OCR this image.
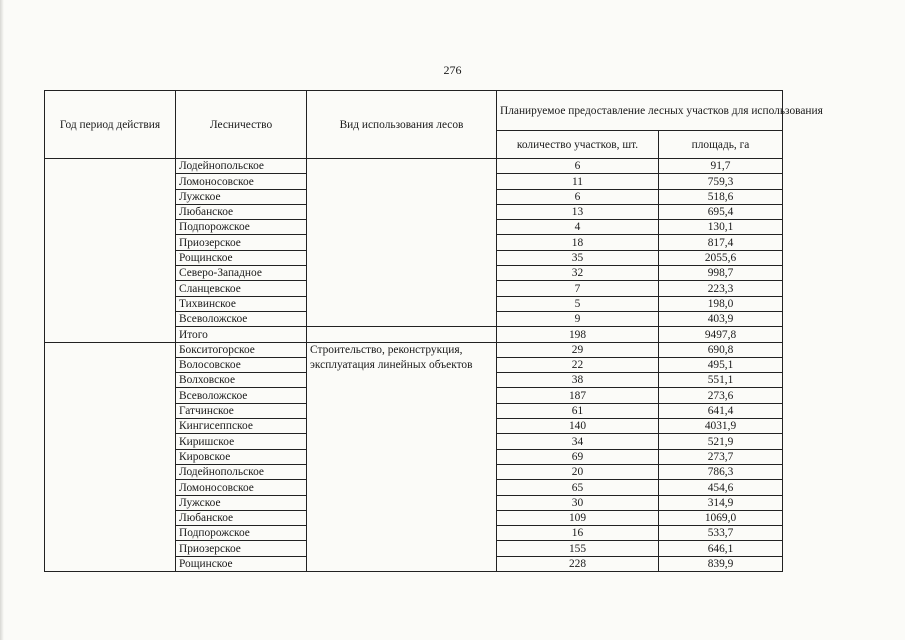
276
Год период действия	Лесничество	Вид использования лесов	Планируемое предоставление лесных участков для использования	
			количество участков, шт.	площадь, га
	Лодейнопольское		6	91,7
	Ломоносовское		11	759,3
	Лужское		6	518,6
	Любанское		13	695,4
	Подпорожское		4	130,1
	Приозерское		18	817,4
	Рощинское		35	2055,6
	Северо-Западное		32	998,7
	Сланцевское		7	223,3
	Тихвинское		5	198,0
	Всеволожское		9	403,9
	Итого		198	9497,8
	Бокситогорское	Строительство, реконструкция, эксплуатация линейных объектов	29	690,8
	Волосовское		22	495,1
	Волховское		38	551,1
	Всеволожское		187	273,6
	Гатчинское		61	641,4
	Кингисеппское		140	4031,9
	Киришское		34	521,9
	Кировское		69	273,7
	Лодейнопольское		20	786,3
	Ломоносовское		65	454,6
	Лужское		30	314,9
	Любанское		109	1069,0
	Подпорожское		16	533,7
	Приозерское		155	646,1
	Рощинское		228	839,9
